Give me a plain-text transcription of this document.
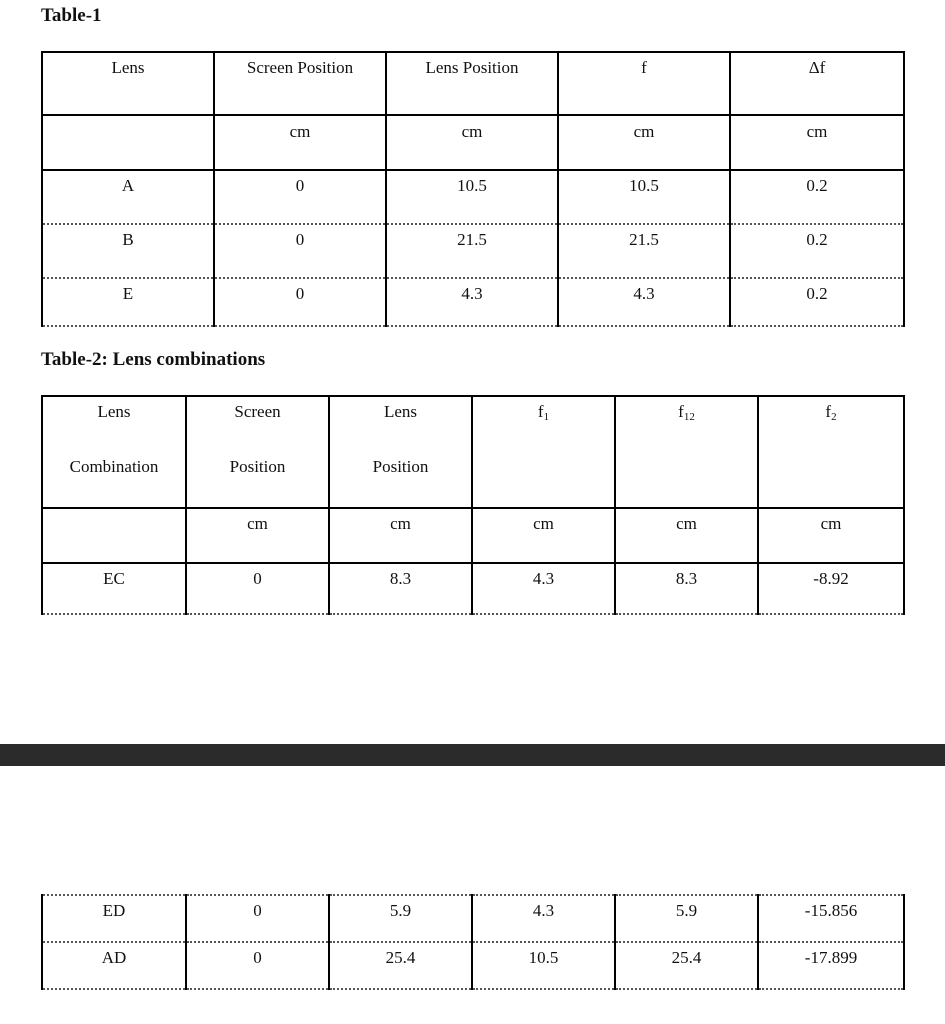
Table-1
Lens	Screen Position	Lens Position	f	Δf
	cm	cm	cm	cm
A	0	10.5	10.5	0.2
B	0	21.5	21.5	0.2
E	0	4.3	4.3	0.2
Table-2: Lens combinations
Lens	Screen	Lens	$f_1$	$f_{12}$	$f_2$
Combination	Position	Position			
	cm	cm	cm	cm	cm
EC	0	8.3	4.3	8.3	-8.92
ED	0	5.9	4.3	5.9	-15.856
AD	0	25.4	10.5	25.4	-17.899
